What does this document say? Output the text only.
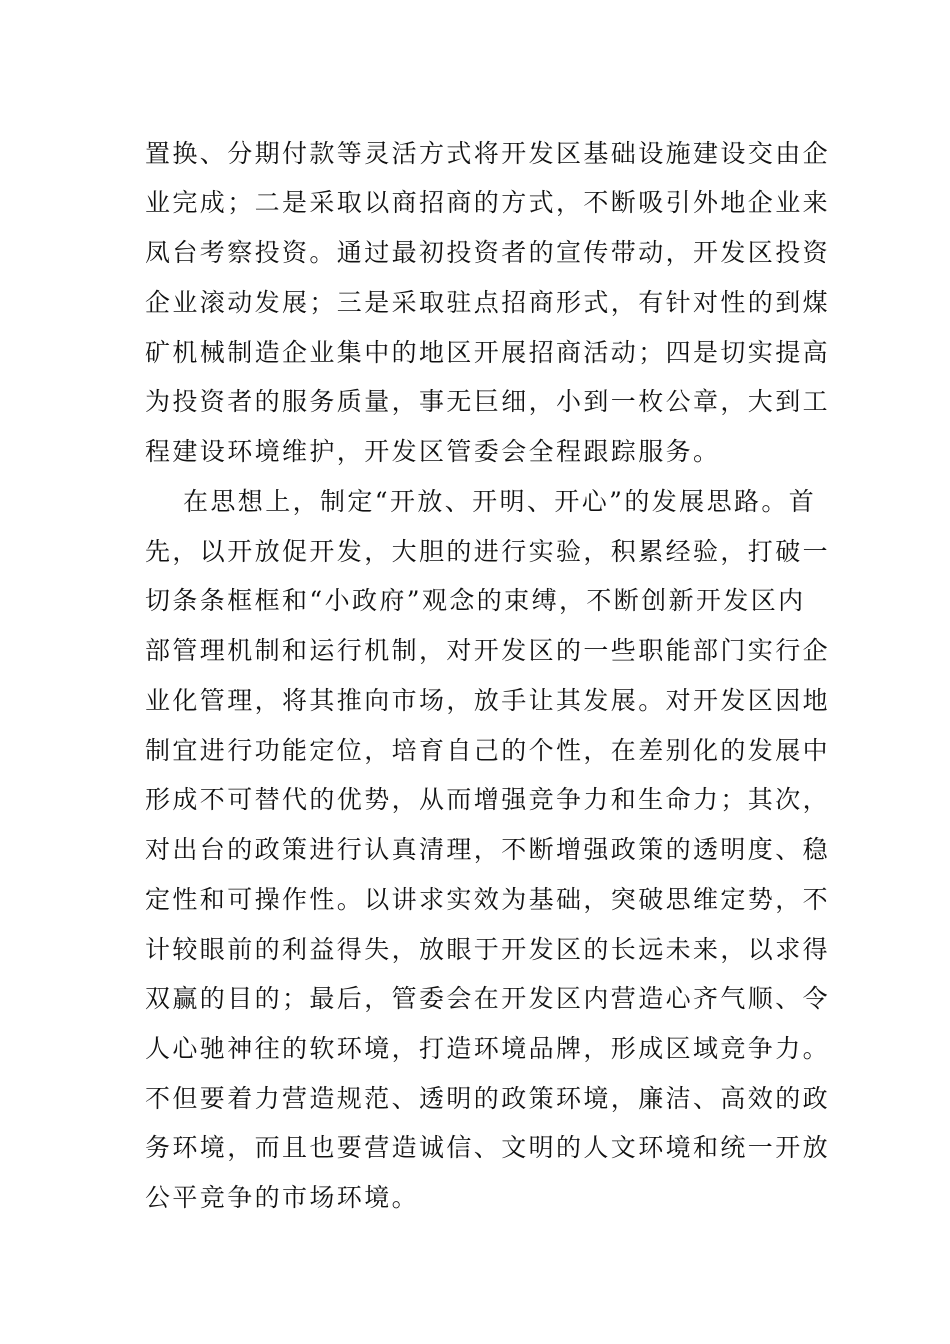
置换、分期付款等灵活方式将开发区基础设施建设交由企
业完成；二是采取以商招商的方式，不断吸引外地企业来
凤台考察投资。通过最初投资者的宣传带动，开发区投资
企业滚动发展；三是采取驻点招商形式，有针对性的到煤
矿机械制造企业集中的地区开展招商活动；四是切实提高
为投资者的服务质量，事无巨细，小到一枚公章，大到工
程建设环境维护，开发区管委会全程跟踪服务。
在思想上，制定“开放、开明、开心”的发展思路。首
先，以开放促开发，大胆的进行实验，积累经验，打破一
切条条框框和“小政府”观念的束缚，不断创新开发区内
部管理机制和运行机制，对开发区的一些职能部门实行企
业化管理，将其推向市场，放手让其发展。对开发区因地
制宜进行功能定位，培育自己的个性，在差别化的发展中
形成不可替代的优势，从而增强竞争力和生命力；其次，
对出台的政策进行认真清理，不断增强政策的透明度、稳
定性和可操作性。以讲求实效为基础，突破思维定势，不
计较眼前的利益得失，放眼于开发区的长远未来，以求得
双赢的目的；最后，管委会在开发区内营造心齐气顺、令
人心驰神往的软环境，打造环境品牌，形成区域竞争力。
不但要着力营造规范、透明的政策环境，廉洁、高效的政
务环境，而且也要营造诚信、文明的人文环境和统一开放
公平竞争的市场环境。
